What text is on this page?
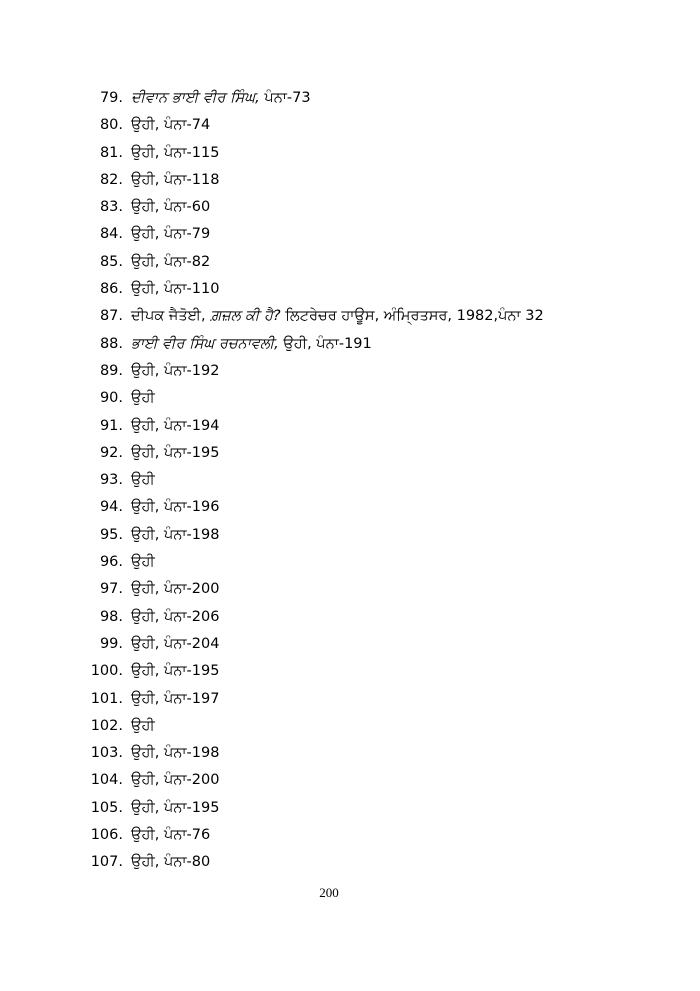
79. ਦੀਵਾਨ ਭਾਈ ਵੀਰ ਸਿੰਘ, ਪੰਨਾ-73
80. ਉਹੀ, ਪੰਨਾ-74
81. ਉਹੀ, ਪੰਨਾ-115
82. ਉਹੀ, ਪੰਨਾ-118
83. ਉਹੀ, ਪੰਨਾ-60
84. ਉਹੀ, ਪੰਨਾ-79
85. ਉਹੀ, ਪੰਨਾ-82
86. ਉਹੀ, ਪੰਨਾ-110
87. ਦੀਪਕ ਜੈਤੋਈ, ਗ਼ਜ਼ਲ ਕੀ ਹੈ? ਲਿਟਰੇਚਰ ਹਾਊਸ, ਅੰਮ੍ਰਿਤਸਰ, 1982,ਪੰਨਾ 32
88. ਭਾਈ ਵੀਰ ਸਿੰਘ ਰਚਨਾਵਲੀ, ਉਹੀ, ਪੰਨਾ-191
89. ਉਹੀ, ਪੰਨਾ-192
90. ਉਹੀ
91. ਉਹੀ, ਪੰਨਾ-194
92. ਉਹੀ, ਪੰਨਾ-195
93. ਉਹੀ
94. ਉਹੀ, ਪੰਨਾ-196
95. ਉਹੀ, ਪੰਨਾ-198
96. ਉਹੀ
97. ਉਹੀ, ਪੰਨਾ-200
98. ਉਹੀ, ਪੰਨਾ-206
99. ਉਹੀ, ਪੰਨਾ-204
100. ਉਹੀ, ਪੰਨਾ-195
101. ਉਹੀ, ਪੰਨਾ-197
102. ਉਹੀ
103. ਉਹੀ, ਪੰਨਾ-198
104. ਉਹੀ, ਪੰਨਾ-200
105. ਉਹੀ, ਪੰਨਾ-195
106. ਉਹੀ, ਪੰਨਾ-76
107. ਉਹੀ, ਪੰਨਾ-80
200
